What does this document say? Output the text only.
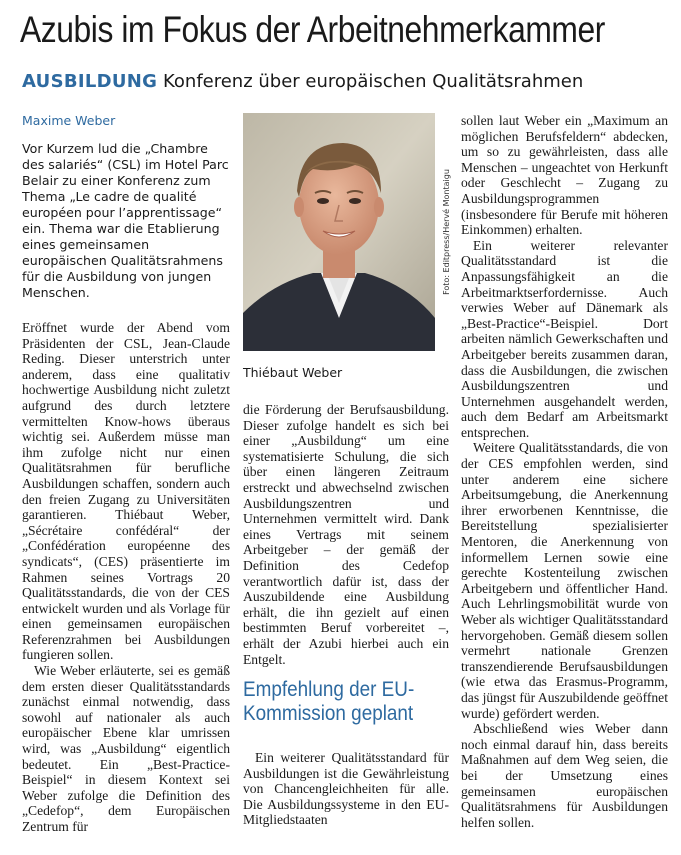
Azubis im Fokus der Arbeitnehmerkammer
AUSBILDUNG Konferenz über europäischen Qualitätsrahmen
Maxime Weber
Vor Kurzem lud die „Chambre des salariés“ (CSL) im Hotel Parc Belair zu einer Konferenz zum Thema „Le cadre de qualité européen pour l’apprentissage“ ein. Thema war die Etablierung eines gemeinsamen europäischen Qualitätsrahmens für die Ausbildung von jungen Menschen.

Eröffnet wurde der Abend vom Präsidenten der CSL, Jean-Claude Reding. Dieser unterstrich unter anderem, dass eine qualitativ hochwertige Ausbildung nicht zuletzt aufgrund des durch letztere vermittelten Know-hows überaus wichtig sei. Außerdem müsse man ihm zufolge nicht nur einen Qualitätsrahmen für berufliche Ausbildungen schaffen, sondern auch den freien Zugang zu Universitäten garantieren. Thiébaut Weber, „Sécrétaire confédéral“ der „Confédération européenne des syndicats“, (CES) präsentierte im Rahmen seines Vortrags 20 Qualitätsstandards, die von der CES entwickelt wurden und als Vorlage für einen gemeinsamen europäischen Referenzrahmen bei Ausbildungen fungieren sollen.

Wie Weber erläuterte, sei es gemäß dem ersten dieser Qualitätsstandards zunächst einmal notwendig, dass sowohl auf nationaler als auch europäischer Ebene klar umrissen wird, was „Ausbildung“ eigentlich bedeutet. Ein „Best-Practice-Beispiel“ in diesem Kontext sei Weber zufolge die Definition des „Cedefop“, dem Europäischen Zentrum für

Foto: Editpress/Hervé Montaigu
Thiébaut Weber

die Förderung der Berufsausbildung. Dieser zufolge handelt es sich bei einer „Ausbildung“ um eine systematisierte Schulung, die sich über einen längeren Zeitraum erstreckt und abwechselnd zwischen Ausbildungszentren und Unternehmen vermittelt wird. Dank eines Vertrags mit seinem Arbeitgeber – der gemäß der Definition des Cedefop verantwortlich dafür ist, dass der Auszubildende eine Ausbildung erhält, die ihn gezielt auf einen bestimmten Beruf vorbereitet –, erhält der Azubi hierbei auch ein Entgelt.

Empfehlung der EU-Kommission geplant

Ein weiterer Qualitätsstandard für Ausbildungen ist die Gewährleistung von Chancengleichheiten für alle. Die Ausbildungssysteme in den EU-Mitgliedstaaten

sollen laut Weber ein „Maximum an möglichen Berufsfeldern“ abdecken, um so zu gewährleisten, dass alle Menschen – ungeachtet von Herkunft oder Geschlecht – Zugang zu Ausbildungsprogrammen (insbesondere für Berufe mit höheren Einkommen) erhalten.

Ein weiterer relevanter Qualitätsstandard ist die Anpassungsfähigkeit an die Arbeitmarktserfordernisse. Auch verwies Weber auf Dänemark als „Best-Practice“-Beispiel. Dort arbeiten nämlich Gewerkschaften und Arbeitgeber bereits zusammen daran, dass die Ausbildungen, die zwischen Ausbildungszentren und Unternehmen ausgehandelt werden, auch dem Bedarf am Arbeitsmarkt entsprechen.

Weitere Qualitätsstandards, die von der CES empfohlen werden, sind unter anderem eine sichere Arbeitsumgebung, die Anerkennung ihrer erworbenen Kenntnisse, die Bereitstellung spezialisierter Mentoren, die Anerkennung von informellem Lernen sowie eine gerechte Kostenteilung zwischen Arbeitgebern und öffentlicher Hand. Auch Lehrlingsmobilität wurde von Weber als wichtiger Qualitätsstandard hervorgehoben. Gemäß diesem sollen vermehrt nationale Grenzen transzendierende Berufsausbildungen (wie etwa das Erasmus-Programm, das jüngst für Auszubildende geöffnet wurde) gefördert werden.

Abschließend wies Weber dann noch einmal darauf hin, dass bereits Maßnahmen auf dem Weg seien, die bei der Umsetzung eines gemeinsamen europäischen Qualitätsrahmens für Ausbildungen helfen sollen.
